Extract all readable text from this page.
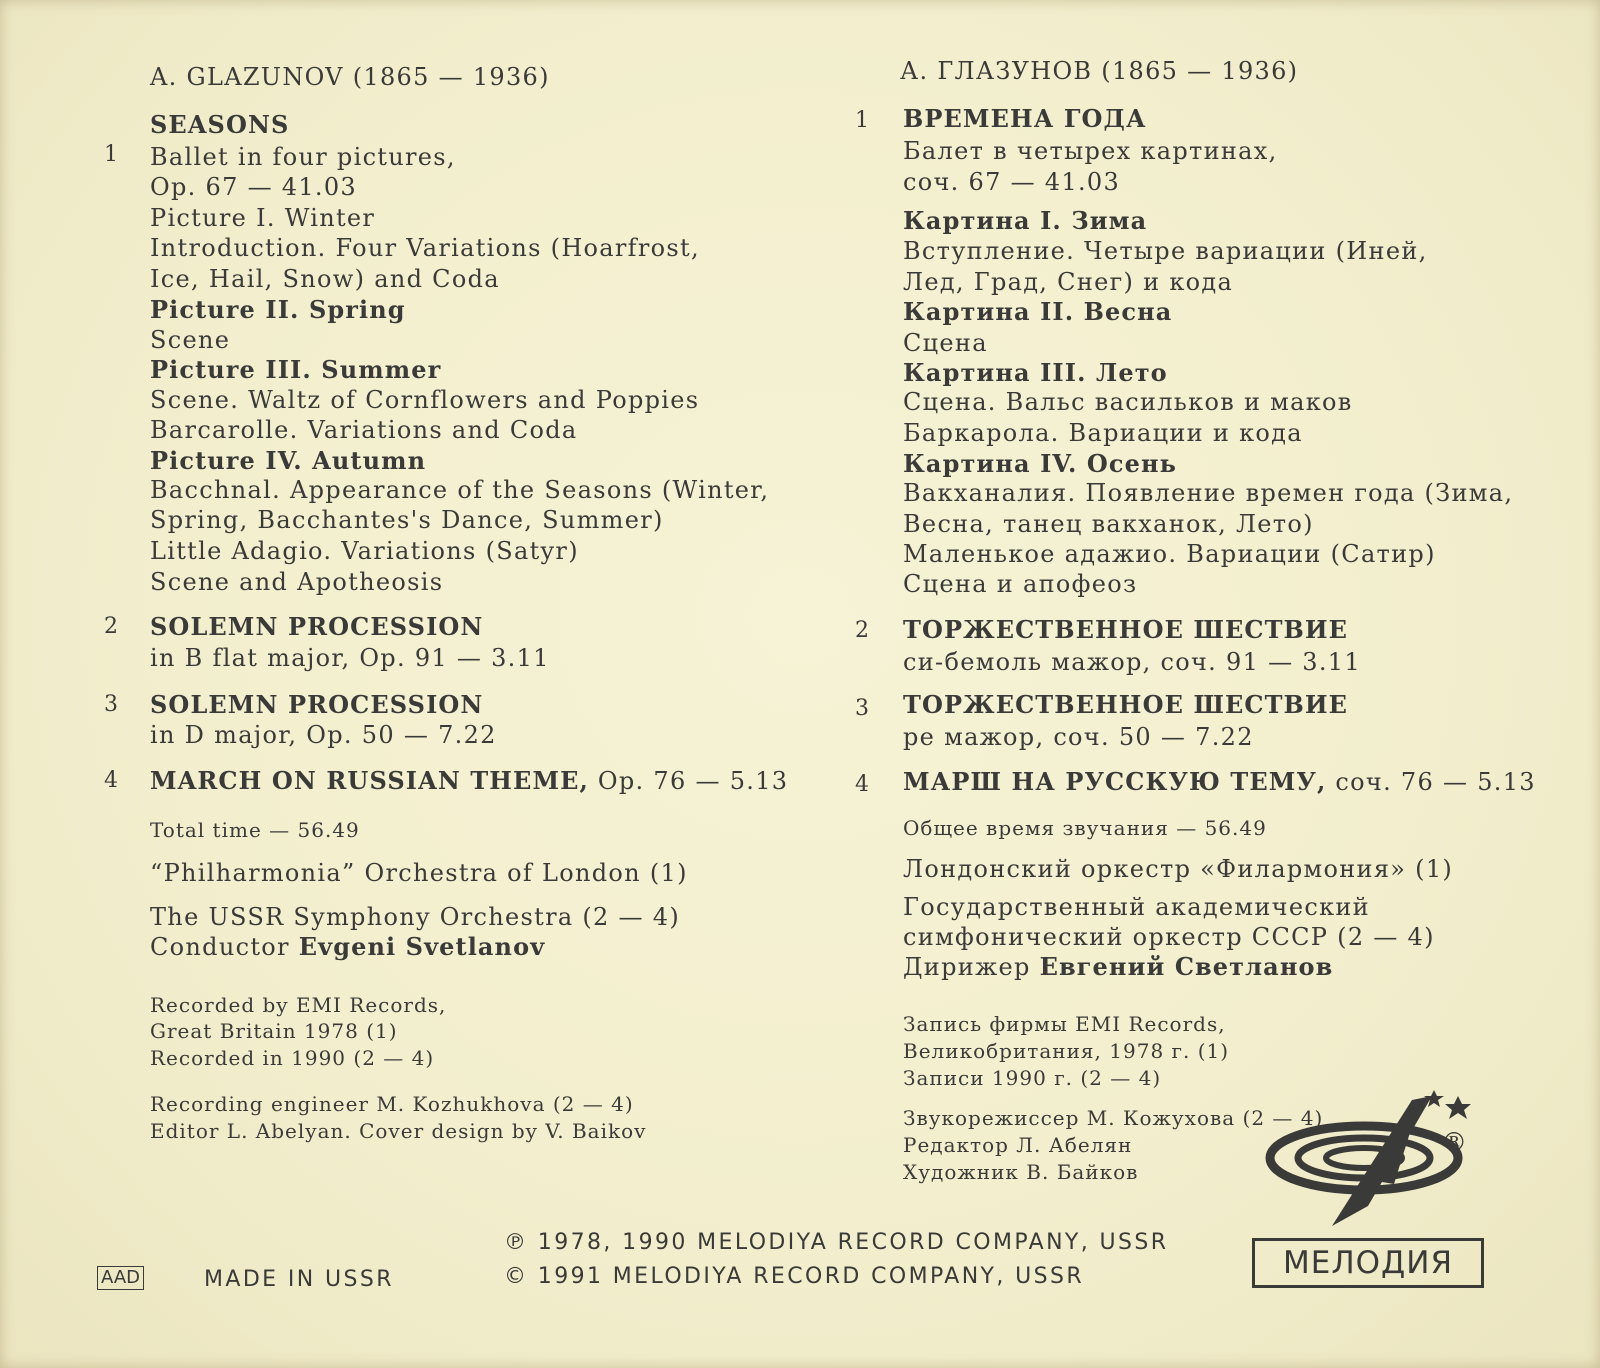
A. GLAZUNOV (1865 — 1936)
SEASONS
1 Ballet in four pictures,
Op. 67 — 41.03
Picture I. Winter
Introduction. Four Variations (Hoarfrost,
Ice, Hail, Snow) and Coda
Picture II. Spring
Scene
Picture III. Summer
Scene. Waltz of Cornflowers and Poppies
Barcarolle. Variations and Coda
Picture IV. Autumn
Bacchnal. Appearance of the Seasons (Winter,
Spring, Bacchantes's Dance, Summer)
Little Adagio. Variations (Satyr)
Scene and Apotheosis
2 SOLEMN PROCESSION
in B flat major, Op. 91 — 3.11
3 SOLEMN PROCESSION
in D major, Op. 50 — 7.22
4 MARCH ON RUSSIAN THEME, Op. 76 — 5.13
Total time — 56.49
“Philharmonia” Orchestra of London (1)
The USSR Symphony Orchestra (2 — 4)
Conductor Evgeni Svetlanov
Recorded by EMI Records,
Great Britain 1978 (1)
Recorded in 1990 (2 — 4)
Recording engineer M. Kozhukhova (2 — 4)
Editor L. Abelyan. Cover design by V. Baikov
А. ГЛАЗУНОВ (1865 — 1936)
1 ВРЕМЕНА ГОДА
Балет в четырех картинах,
соч. 67 — 41.03
Картина I. Зима
Вступление. Четыре вариации (Иней,
Лед, Град, Снег) и кода
Картина II. Весна
Сцена
Картина III. Лето
Сцена. Вальс васильков и маков
Баркарола. Вариации и кода
Картина IV. Осень
Вакханалия. Появление времен года (Зима,
Весна, танец вакханок, Лето)
Маленькое адажио. Вариации (Сатир)
Сцена и апофеоз
2 ТОРЖЕСТВЕННОЕ ШЕСТВИЕ
си-бемоль мажор, соч. 91 — 3.11
3 ТОРЖЕСТВЕННОЕ ШЕСТВИЕ
ре мажор, соч. 50 — 7.22
4 МАРШ НА РУССКУЮ ТЕМУ, соч. 76 — 5.13
Общее время звучания — 56.49
Лондонский оркестр «Филармония» (1)
Государственный академический
симфонический оркестр СССР (2 — 4)
Дирижер Евгений Светланов
Запись фирмы EMI Records,
Великобритания, 1978 г. (1)
Записи 1990 г. (2 — 4)
Звукорежиссер М. Кожухова (2 — 4)
Редактор Л. Абелян
Художник В. Байков
®
AAD	MADE IN USSR
℗ 1978, 1990 MELODIYA RECORD COMPANY, USSR
© 1991 MELODIYA RECORD COMPANY, USSR	МЕЛОДИЯ
